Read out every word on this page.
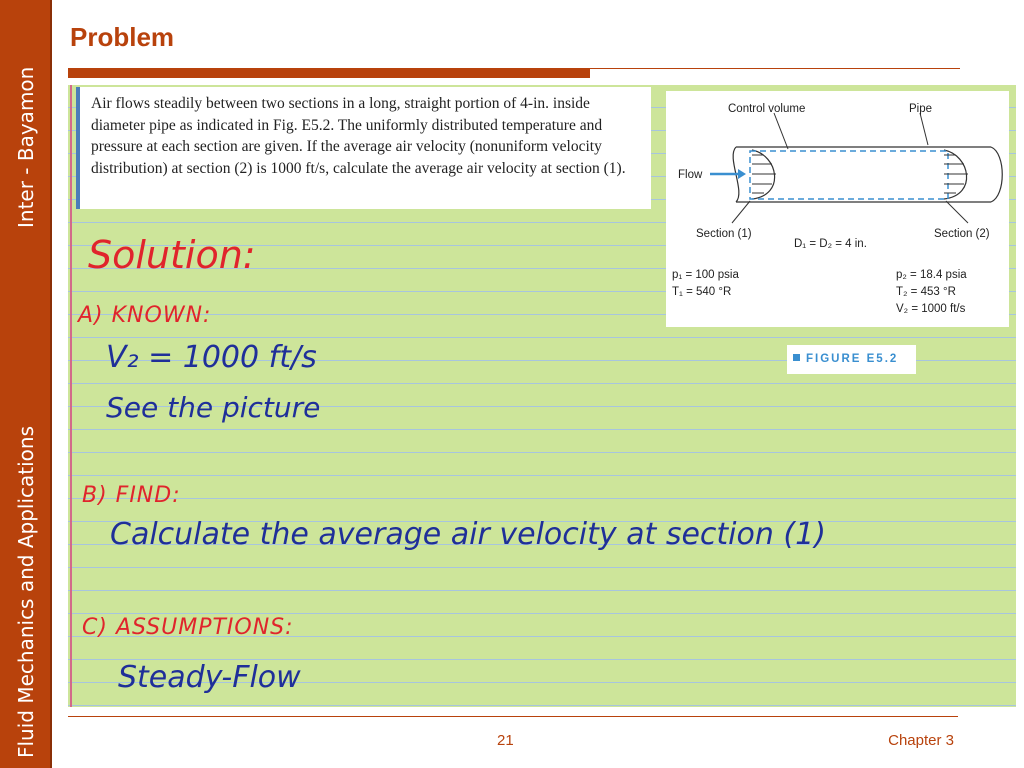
Fluid Mechanics and Applications
Inter - Bayamon
Problem
Air flows steadily between two sections in a long, straight portion of 4-in. inside diameter pipe as indicated in Fig. E5.2. The uniformly distributed temperature and pressure at each section are given. If the average air velocity (nonuniform velocity distribution) at section (2) is 1000 ft/s, calculate the average air velocity at section (1).
Control volume	Pipe
Flow
Section (1)	Section (2)
D₁ = D₂ = 4 in.
p₁ = 100 psia
T₁ = 540 °R
p₂ = 18.4 psia
T₂ = 453 °R
V₂ = 1000 ft/s
FIGURE E5.2
Solution:
A) KNOWN:
V₂ = 1000 ft/s
See the picture
B) FIND:
Calculate the average air velocity at section (1)
C) ASSUMPTIONS:
Steady-Flow
21	Chapter 3
